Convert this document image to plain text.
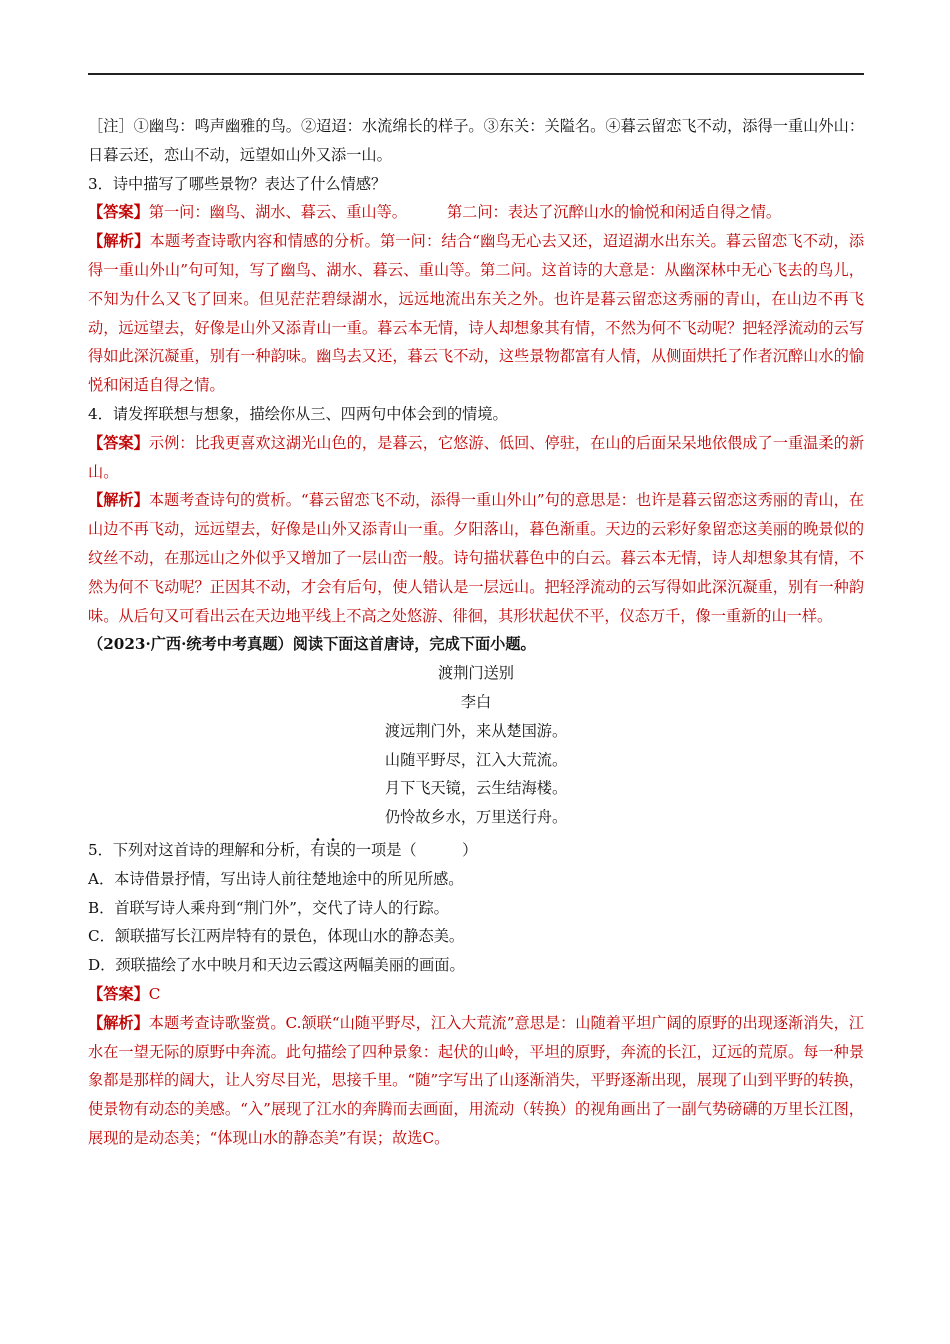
［注］①幽鸟：鸣声幽雅的鸟。②迢迢：水流绵长的样子。③东关：关隘名。④暮云留恋飞不动，添得一重山外山：日暮云还，恋山不动，远望如山外又添一山。

3．诗中描写了哪些景物？表达了什么情感？

【答案】第一问：幽鸟、湖水、暮云、重山等。	第二问：表达了沉醉山水的愉悦和闲适自得之情。

【解析】本题考查诗歌内容和情感的分析。第一问：结合“幽鸟无心去又还，迢迢湖水出东关。暮云留恋飞不动，添得一重山外山”句可知，写了幽鸟、湖水、暮云、重山等。第二问。这首诗的大意是：从幽深林中无心飞去的鸟儿，不知为什么又飞了回来。但见茫茫碧绿湖水，远远地流出东关之外。也许是暮云留恋这秀丽的青山，在山边不再飞动，远远望去，好像是山外又添青山一重。暮云本无情，诗人却想象其有情，不然为何不飞动呢？把轻浮流动的云写得如此深沉凝重，别有一种韵味。幽鸟去又还，暮云飞不动，这些景物都富有人情，从侧面烘托了作者沉醉山水的愉悦和闲适自得之情。

4．请发挥联想与想象，描绘你从三、四两句中体会到的情境。

【答案】示例：比我更喜欢这湖光山色的，是暮云，它悠游、低回、停驻，在山的后面呆呆地依偎成了一重温柔的新山。

【解析】本题考查诗句的赏析。“暮云留恋飞不动，添得一重山外山”句的意思是：也许是暮云留恋这秀丽的青山，在山边不再飞动，远远望去，好像是山外又添青山一重。夕阳落山，暮色渐重。天边的云彩好象留恋这美丽的晚景似的纹丝不动，在那远山之外似乎又增加了一层山峦一般。诗句描状暮色中的白云。暮云本无情，诗人却想象其有情，不然为何不飞动呢？正因其不动，才会有后句，使人错认是一层远山。把轻浮流动的云写得如此深沉凝重，别有一种韵味。从后句又可看出云在天边地平线上不高之处悠游、徘徊，其形状起伏不平，仪态万千，像一重新的山一样。

（2023·广西·统考中考真题）阅读下面这首唐诗，完成下面小题。

渡荆门送别

李白

渡远荆门外，来从楚国游。

山随平野尽，江入大荒流。

月下飞天镜，云生结海楼。

仍怜故乡水，万里送行舟。

5．下列对这首诗的理解和分析，有误的一项是（　　　）

A．本诗借景抒情，写出诗人前往楚地途中的所见所感。

B．首联写诗人乘舟到“荆门外”，交代了诗人的行踪。

C．颔联描写长江两岸特有的景色，体现山水的静态美。

D．颈联描绘了水中映月和天边云霞这两幅美丽的画面。

【答案】C

【解析】本题考查诗歌鉴赏。C.颔联“山随平野尽，江入大荒流”意思是：山随着平坦广阔的原野的出现逐渐消失，江水在一望无际的原野中奔流。此句描绘了四种景象：起伏的山岭，平坦的原野，奔流的长江，辽远的荒原。每一种景象都是那样的阔大，让人穷尽目光，思接千里。“随”字写出了山逐渐消失，平野逐渐出现，展现了山到平野的转换，使景物有动态的美感。“入”展现了江水的奔腾而去画面，用流动（转换）的视角画出了一副气势磅礴的万里长江图，展现的是动态美；“体现山水的静态美”有误；故选C。
